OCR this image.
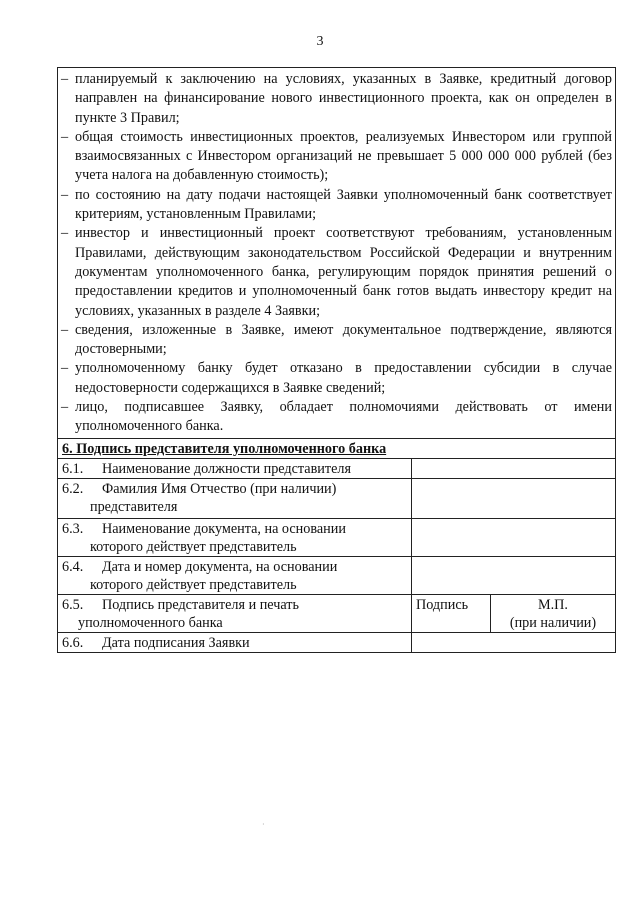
3
– планируемый к заключению на условиях, указанных в Заявке, кредитный договор направлен на финансирование нового инвестиционного проекта, как он определен в пункте 3 Правил;
– общая стоимость инвестиционных проектов, реализуемых Инвестором или группой взаимосвязанных с Инвестором организаций не превышает 5 000 000 000 рублей (без учета налога на добавленную стоимость);
– по состоянию на дату подачи настоящей Заявки уполномоченный банк соответствует критериям, установленным Правилами;
– инвестор и инвестиционный проект соответствуют требованиям, установленным Правилами, действующим законодательством Российской Федерации и внутренним документам уполномоченного банка, регулирующим порядок принятия решений о предоставлении кредитов и уполномоченный банк готов выдать инвестору кредит на условиях, указанных в разделе 4 Заявки;
– сведения, изложенные в Заявке, имеют документальное подтверждение, являются достоверными;
– уполномоченному банку будет отказано в предоставлении субсидии в случае недостоверности содержащихся в Заявке сведений;
– лицо, подписавшее Заявку, обладает полномочиями действовать от имени уполномоченного банка.
6. Подпись представителя уполномоченного банка		
6.1. Наименование должности представителя		
6.2. Фамилия Имя Отчество (при наличии)
представителя		

6.3. Наименование документа, на основании
которого действует представитель		

6.4. Дата и номер документа, на основании
которого действует представитель		

6.5. Подпись представителя и печать
уполномоченного банка	Подпись	М.П.
(при наличии)
6.6. Дата подписания Заявки		
·
